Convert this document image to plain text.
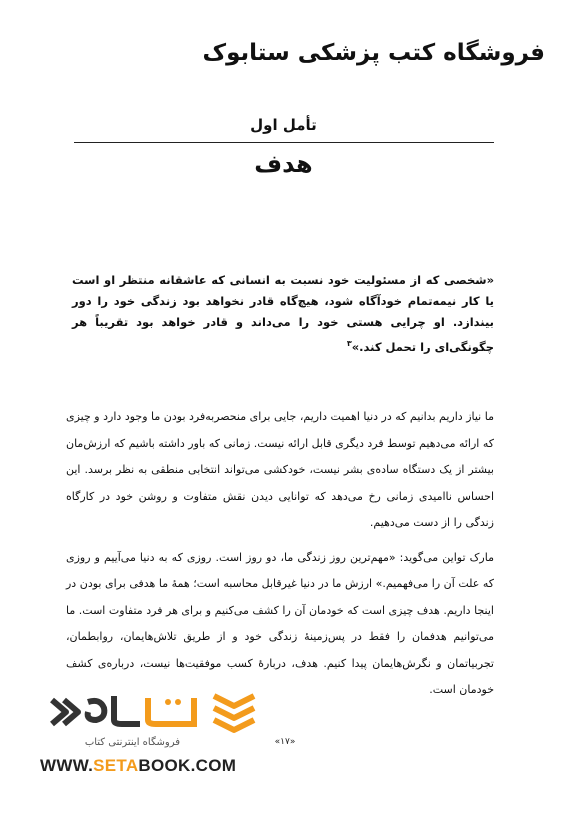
فروشگاه کتب پزشکی ستابوک
تأمل اول
هدف
«شخصی که از مسئولیت خود نسبت به انسانی که عاشقانه منتظر او است یا کار نیمه‌تمام خودآگاه شود، هیچ‌گاه قادر نخواهد بود زندگی خود را دور بیندازد. او چرایی هستی خود را می‌داند و قادر خواهد بود تقریباً هر چگونگی‌ای را تحمل کند.»$^۳$

ما نیاز داریم بدانیم که در دنیا اهمیت داریم، جایی برای منحصربه‌فرد بودن ما وجود دارد و چیزی که ارائه می‌دهیم توسط فرد دیگری قابل ارائه نیست. زمانی که باور داشته باشیم که ارزش‌مان بیشتر از یک دستگاه ساده‌ی بشر نیست، خودکشی می‌تواند انتخابی منطقی به نظر برسد. این احساس ناامیدی زمانی رخ می‌دهد که توانایی دیدن نقش متفاوت و روشن خود در کارگاه زندگی را از دست می‌دهیم.

مارک تواین می‌گوید: «مهم‌ترین روز زندگی ما، دو روز است. روزی که به دنیا می‌آییم و روزی که علت آن را می‌فهمیم.» ارزش ما در دنیا غیرقابل محاسبه است؛ همهٔ ما هدفی برای بودن در اینجا داریم. هدف چیزی است که خودمان آن را کشف می‌کنیم و برای هر فرد متفاوت است. ما می‌توانیم هدفمان را فقط در پس‌زمینهٔ زندگی خود و از طریق تلاش‌هایمان، روابطمان، تجربیاتمان و نگرش‌هایمان پیدا کنیم. هدف، دربارهٔ کسب موفقیت‌ها نیست، درباره‌ی کشف خودمان است.

«۱۷»
فروشگاه اینترنتی کتاب
WWW.SETABOOK.COM
